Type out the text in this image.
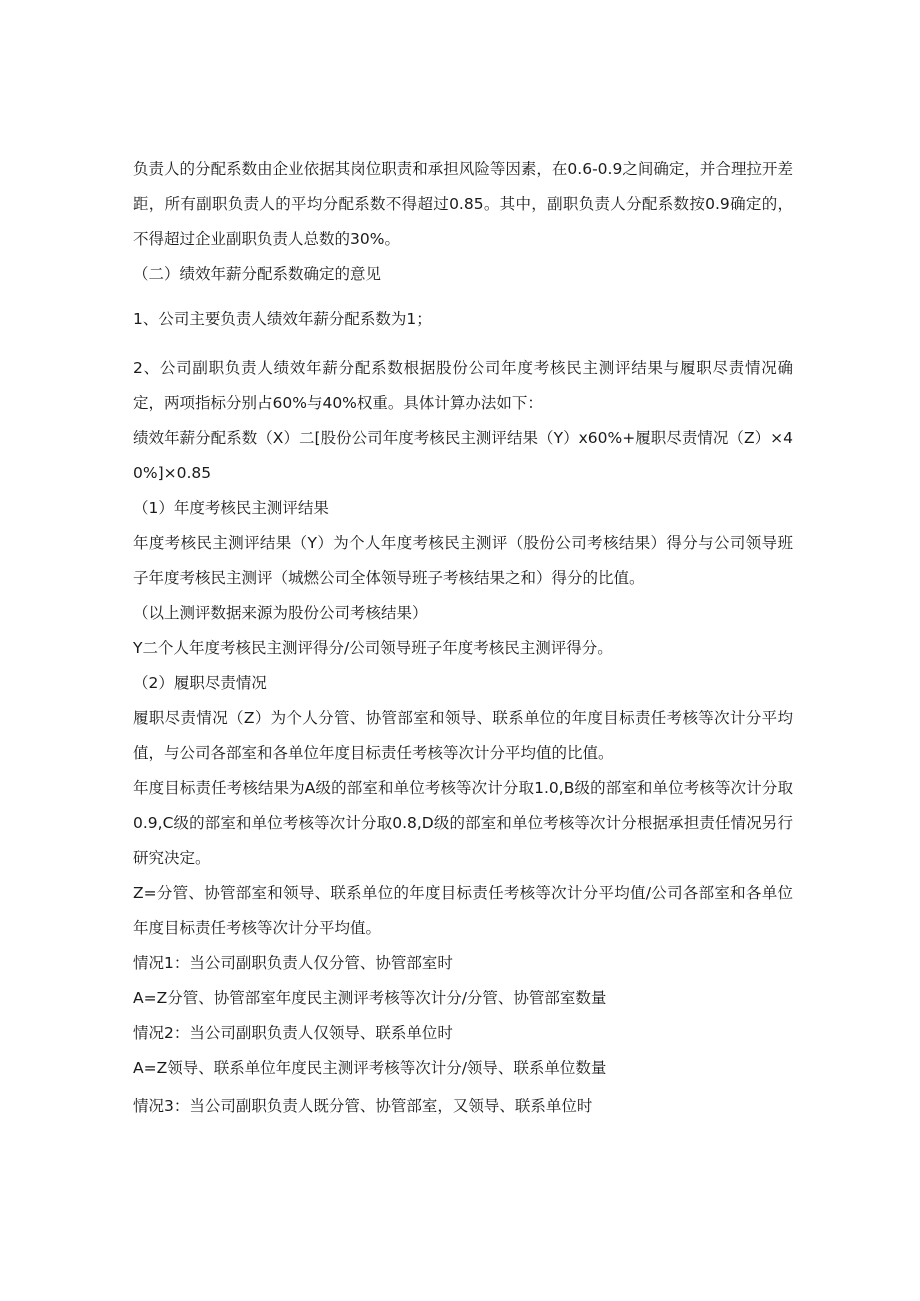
负责人的分配系数由企业依据其岗位职责和承担风险等因素，在0.6-0.9之间确定，并合理拉开差距，所有副职负责人的平均分配系数不得超过0.85。其中，副职负责人分配系数按0.9确定的，不得超过企业副职负责人总数的30%。

（二）绩效年薪分配系数确定的意见

1、公司主要负责人绩效年薪分配系数为1；

2、公司副职负责人绩效年薪分配系数根据股份公司年度考核民主测评结果与履职尽责情况确定，两项指标分别占60%与40%权重。具体计算办法如下：

绩效年薪分配系数（X）二[股份公司年度考核民主测评结果（Y）x60%+履职尽责情况（Z）×40%]×0.85

（1）年度考核民主测评结果

年度考核民主测评结果（Y）为个人年度考核民主测评（股份公司考核结果）得分与公司领导班子年度考核民主测评（城燃公司全体领导班子考核结果之和）得分的比值。

（以上测评数据来源为股份公司考核结果）

Y二个人年度考核民主测评得分/公司领导班子年度考核民主测评得分。

（2）履职尽责情况

履职尽责情况（Z）为个人分管、协管部室和领导、联系单位的年度目标责任考核等次计分平均值，与公司各部室和各单位年度目标责任考核等次计分平均值的比值。

年度目标责任考核结果为A级的部室和单位考核等次计分取1.0,B级的部室和单位考核等次计分取0.9,C级的部室和单位考核等次计分取0.8,D级的部室和单位考核等次计分根据承担责任情况另行研究决定。

Z=分管、协管部室和领导、联系单位的年度目标责任考核等次计分平均值/公司各部室和各单位年度目标责任考核等次计分平均值。

情况1：当公司副职负责人仅分管、协管部室时

A=Z分管、协管部室年度民主测评考核等次计分/分管、协管部室数量

情况2：当公司副职负责人仅领导、联系单位时

A=Z领导、联系单位年度民主测评考核等次计分/领导、联系单位数量

情况3：当公司副职负责人既分管、协管部室，又领导、联系单位时
